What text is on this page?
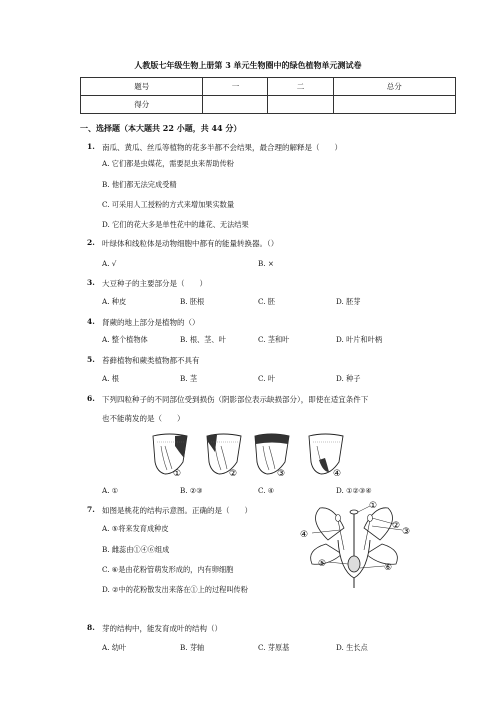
人教版七年级生物上册第 3 单元生物圈中的绿色植物单元测试卷
题号	一	二	总分
得分			
一、选择题（本大题共 22 小题，共 44 分）
1. 南瓜、黄瓜、丝瓜等植物的花多半都不会结果，最合理的解释是（　　）
A. 它们都是虫媒花，需要昆虫来帮助传粉
B. 他们都无法完成受精
C. 可采用人工授粉的方式来增加果实数量
D. 它们的花大多是单性花中的雄花、无法结果
2. 叶绿体和线粒体是动物细胞中都有的能量转换器。（）
A. √	B. ×
3. 大豆种子的主要部分是（　　）
A. 种皮	B. 胚根	C. 胚	D. 胚芽
4. 肾蕨的地上部分是植物的（）
A. 整个植物体	B. 根、茎、叶	C. 茎和叶	D. 叶片和叶柄
5. 苔藓植物和蕨类植物都不具有
A. 根	B. 茎	C. 叶	D. 种子
6. 下列四粒种子的不同部位受到损伤（阴影部位表示缺损部分），即使在适宜条件下
也不能萌发的是（　　）
①	②	③	④
A. ①	B. ②③	C. ④	D. ①②③④
7. 如图是桃花的结构示意图。正确的是（　　）
A. ⑤将来发育成种皮
B. 雌蕊由①④⑥组成
C. ⑥是由花粉管萌发形成的，内有卵细胞
D. ②中的花粉散发出来落在①上的过程叫传粉
①
②
③
④
⑤	⑥
8. 芽的结构中，能发育成叶的结构（）
A. 幼叶	B. 芽轴	C. 芽原基	D. 生长点
